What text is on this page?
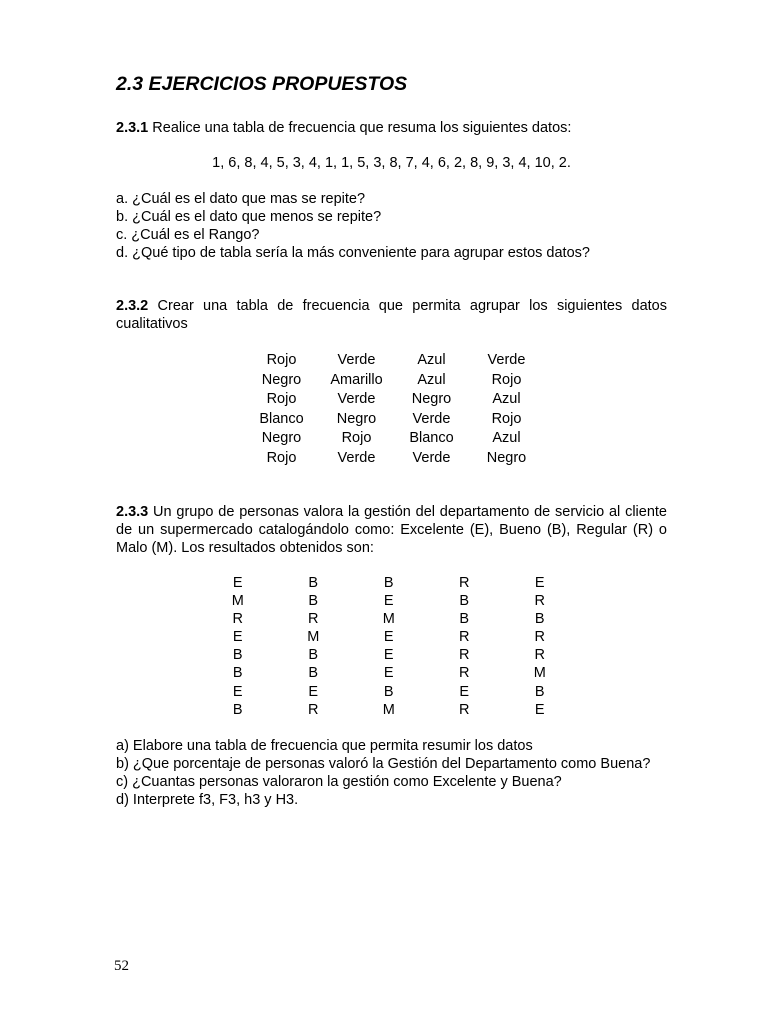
2.3 EJERCICIOS PROPUESTOS

2.3.1 Realice una tabla de frecuencia que resuma los siguientes datos:

1, 6, 8, 4, 5, 3, 4, 1, 1, 5, 3, 8, 7, 4, 6, 2, 8, 9, 3, 4, 10, 2.
a. ¿Cuál es el dato que mas se repite?
b. ¿Cuál es el dato que menos se repite?
c. ¿Cuál es el Rango?
d. ¿Qué tipo de tabla sería la más conveniente para agrupar estos datos?

2.3.2 Crear una tabla de frecuencia que permita agrupar los siguientes datos cualitativos

Rojo	Verde	Azul	Verde
Negro	Amarillo	Azul	Rojo
Rojo	Verde	Negro	Azul
Blanco	Negro	Verde	Rojo
Negro	Rojo	Blanco	Azul
Rojo	Verde	Verde	Negro

2.3.3 Un grupo de personas valora la gestión del departamento de servicio al cliente de un supermercado catalogándolo como: Excelente (E), Bueno (B), Regular (R) o Malo (M). Los resultados obtenidos son:

E	B	B	R	E
M	B	E	B	R
R	R	M	B	B
E	M	E	R	R
B	B	E	R	R
B	B	E	R	M
E	E	B	E	B
B	R	M	R	E
a) Elabore una tabla de frecuencia que permita resumir los datos
b) ¿Que porcentaje de personas valoró la Gestión del Departamento como Buena?
c) ¿Cuantas personas valoraron la gestión como Excelente y Buena?
d) Interprete f3, F3, h3 y H3.
52
